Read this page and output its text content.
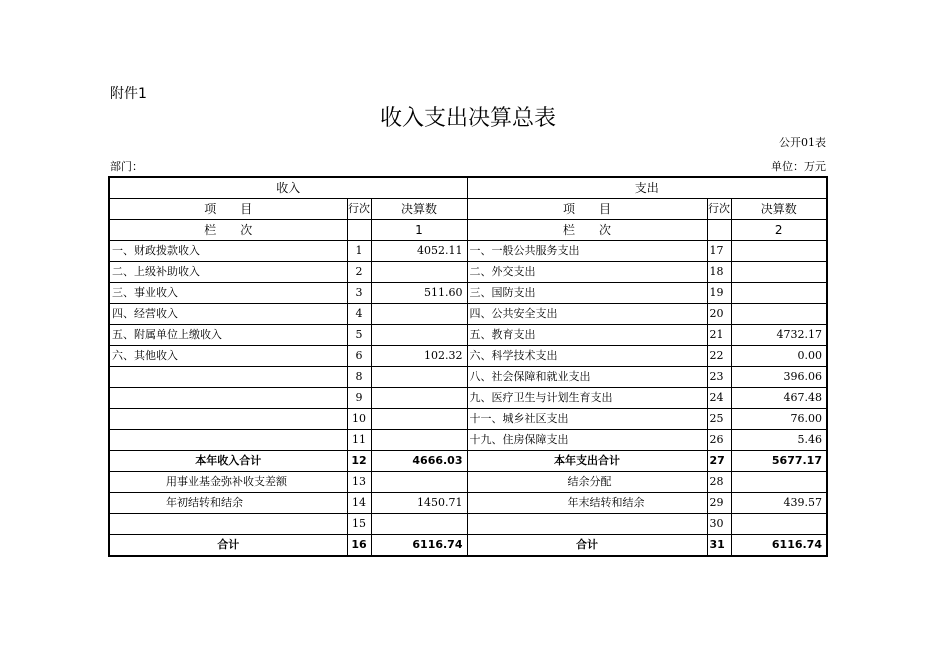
附件1
收入支出决算总表
公开01表
部门：	单位：万元
收入			支出		
项　　目	行次	决算数	项　　目	行次	决算数
栏　　次		1	栏　　次		2
一、财政拨款收入	1	4052.11	一、一般公共服务支出	17	
二、上级补助收入	2		二、外交支出	18	
三、事业收入	3	511.60	三、国防支出	19	
四、经营收入	4		四、公共安全支出	20	
五、附属单位上缴收入	5		五、教育支出	21	4732.17
六、其他收入	6	102.32	六、科学技术支出	22	0.00
	8		八、社会保障和就业支出	23	396.06
	9		九、医疗卫生与计划生育支出	24	467.48
	10		十一、城乡社区支出	25	76.00
	11		十九、住房保障支出	26	5.46
本年收入合计	12	4666.03	本年支出合计	27	5677.17
用事业基金弥补收支差额	13		结余分配	28	
年初结转和结余	14	1450.71	年末结转和结余	29	439.57
	15			30	
合计	16	6116.74	合计	31	6116.74
